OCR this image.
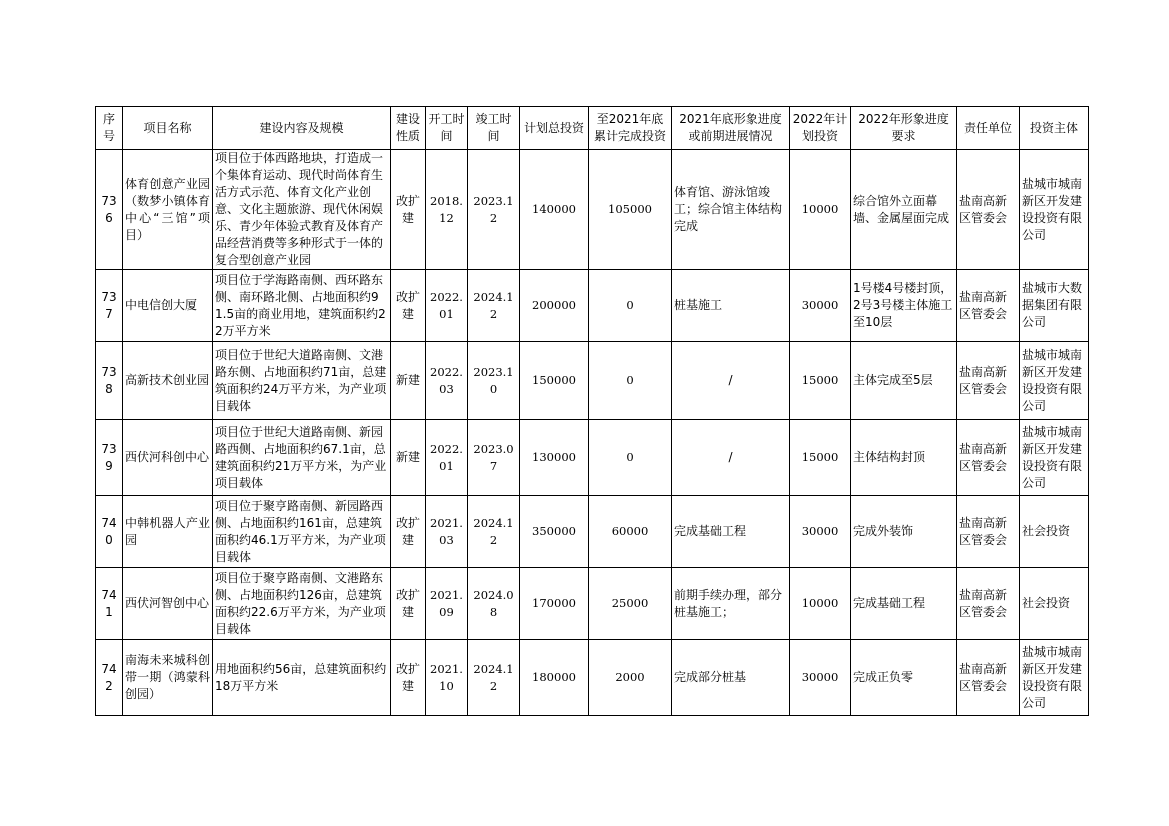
序号	项目名称	建设内容及规模	建设性质	开工时间	竣工时间	计划总投资	至2021年底累计完成投资	2021年底形象进度或前期进展情况	2022年计划投资	2022年形象进度要求	责任单位	投资主体
736	体育创意产业园（数梦小镇体育中心“三馆”项目）	项目位于体西路地块，打造成一个集体育运动、现代时尚体育生活方式示范、体育文化产业创意、文化主题旅游、现代休闲娱乐、青少年体验式教育及体育产品经营消费等多种形式于一体的复合型创意产业园	改扩建	2018.12	2023.12	140000	105000	体育馆、游泳馆竣工；综合馆主体结构完成	10000	综合馆外立面幕墙、金属屋面完成	盐南高新区管委会	盐城市城南新区开发建设投资有限公司
737	中电信创大厦	项目位于学海路南侧、西环路东侧、南环路北侧、占地面积约91.5亩的商业用地，建筑面积约22万平方米	改扩建	2022.01	2024.12	200000	0	桩基施工	30000	1号楼4号楼封顶，2号3号楼主体施工至10层	盐南高新区管委会	盐城市大数据集团有限公司
738	高新技术创业园	项目位于世纪大道路南侧、文港路东侧、占地面积约71亩，总建筑面积约24万平方米，为产业项目载体	新建	2022.03	2023.10	150000	0	/	15000	主体完成至5层	盐南高新区管委会	盐城市城南新区开发建设投资有限公司
739	西伏河科创中心	项目位于世纪大道路南侧、新园路西侧、占地面积约67.1亩，总建筑面积约21万平方米，为产业项目载体	新建	2022.01	2023.07	130000	0	/	15000	主体结构封顶	盐南高新区管委会	盐城市城南新区开发建设投资有限公司
740	中韩机器人产业园	项目位于聚亨路南侧、新园路西侧、占地面积约161亩，总建筑面积约46.1万平方米，为产业项目载体	改扩建	2021.03	2024.12	350000	60000	完成基础工程	30000	完成外装饰	盐南高新区管委会	社会投资
741	西伏河智创中心	项目位于聚亨路南侧、文港路东侧、占地面积约126亩，总建筑面积约22.6万平方米，为产业项目载体	改扩建	2021.09	2024.08	170000	25000	前期手续办理，部分桩基施工；	10000	完成基础工程	盐南高新区管委会	社会投资
742	南海未来城科创带一期（鸿蒙科创园）	用地面积约56亩，总建筑面积约18万平方米	改扩建	2021.10	2024.12	180000	2000	完成部分桩基	30000	完成正负零	盐南高新区管委会	盐城市城南新区开发建设投资有限公司
